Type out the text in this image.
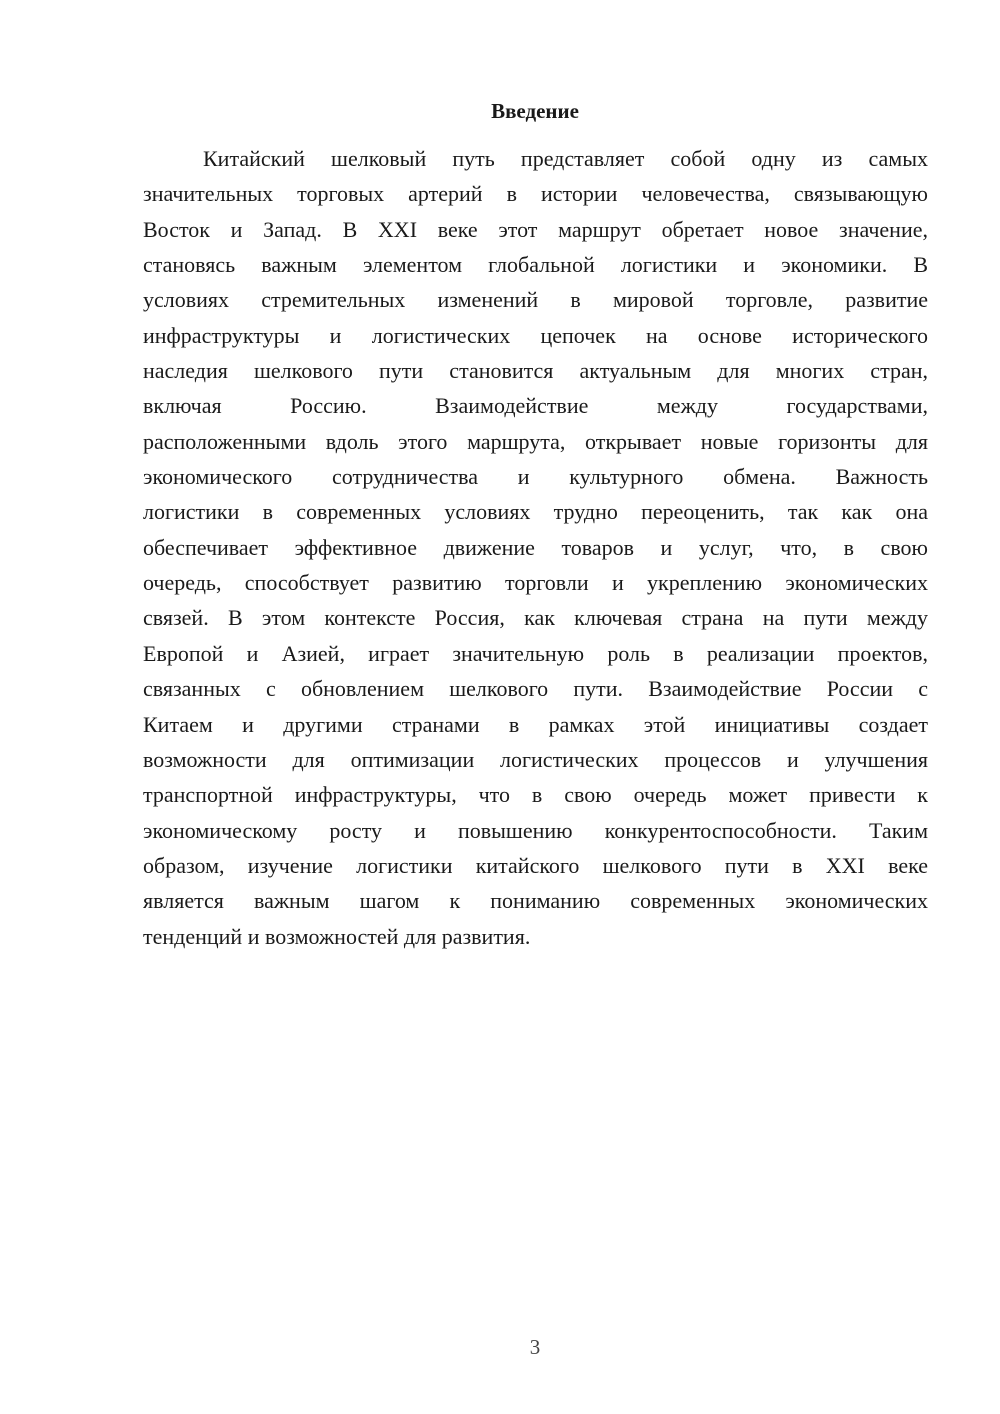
Введение
Китайский шелковый путь представляет собой одну из самых
значительных торговых артерий в истории человечества, связывающую
Восток и Запад. В XXI веке этот маршрут обретает новое значение,
становясь важным элементом глобальной логистики и экономики. В
условиях стремительных изменений в мировой торговле, развитие
инфраструктуры и логистических цепочек на основе исторического
наследия шелкового пути становится актуальным для многих стран,
включая Россию. Взаимодействие между государствами,
расположенными вдоль этого маршрута, открывает новые горизонты для
экономического сотрудничества и культурного обмена. Важность
логистики в современных условиях трудно переоценить, так как она
обеспечивает эффективное движение товаров и услуг, что, в свою
очередь, способствует развитию торговли и укреплению экономических
связей. В этом контексте Россия, как ключевая страна на пути между
Европой и Азией, играет значительную роль в реализации проектов,
связанных с обновлением шелкового пути. Взаимодействие России с
Китаем и другими странами в рамках этой инициативы создает
возможности для оптимизации логистических процессов и улучшения
транспортной инфраструктуры, что в свою очередь может привести к
экономическому росту и повышению конкурентоспособности. Таким
образом, изучение логистики китайского шелкового пути в XXI веке
является важным шагом к пониманию современных экономических
тенденций и возможностей для развития.
3
